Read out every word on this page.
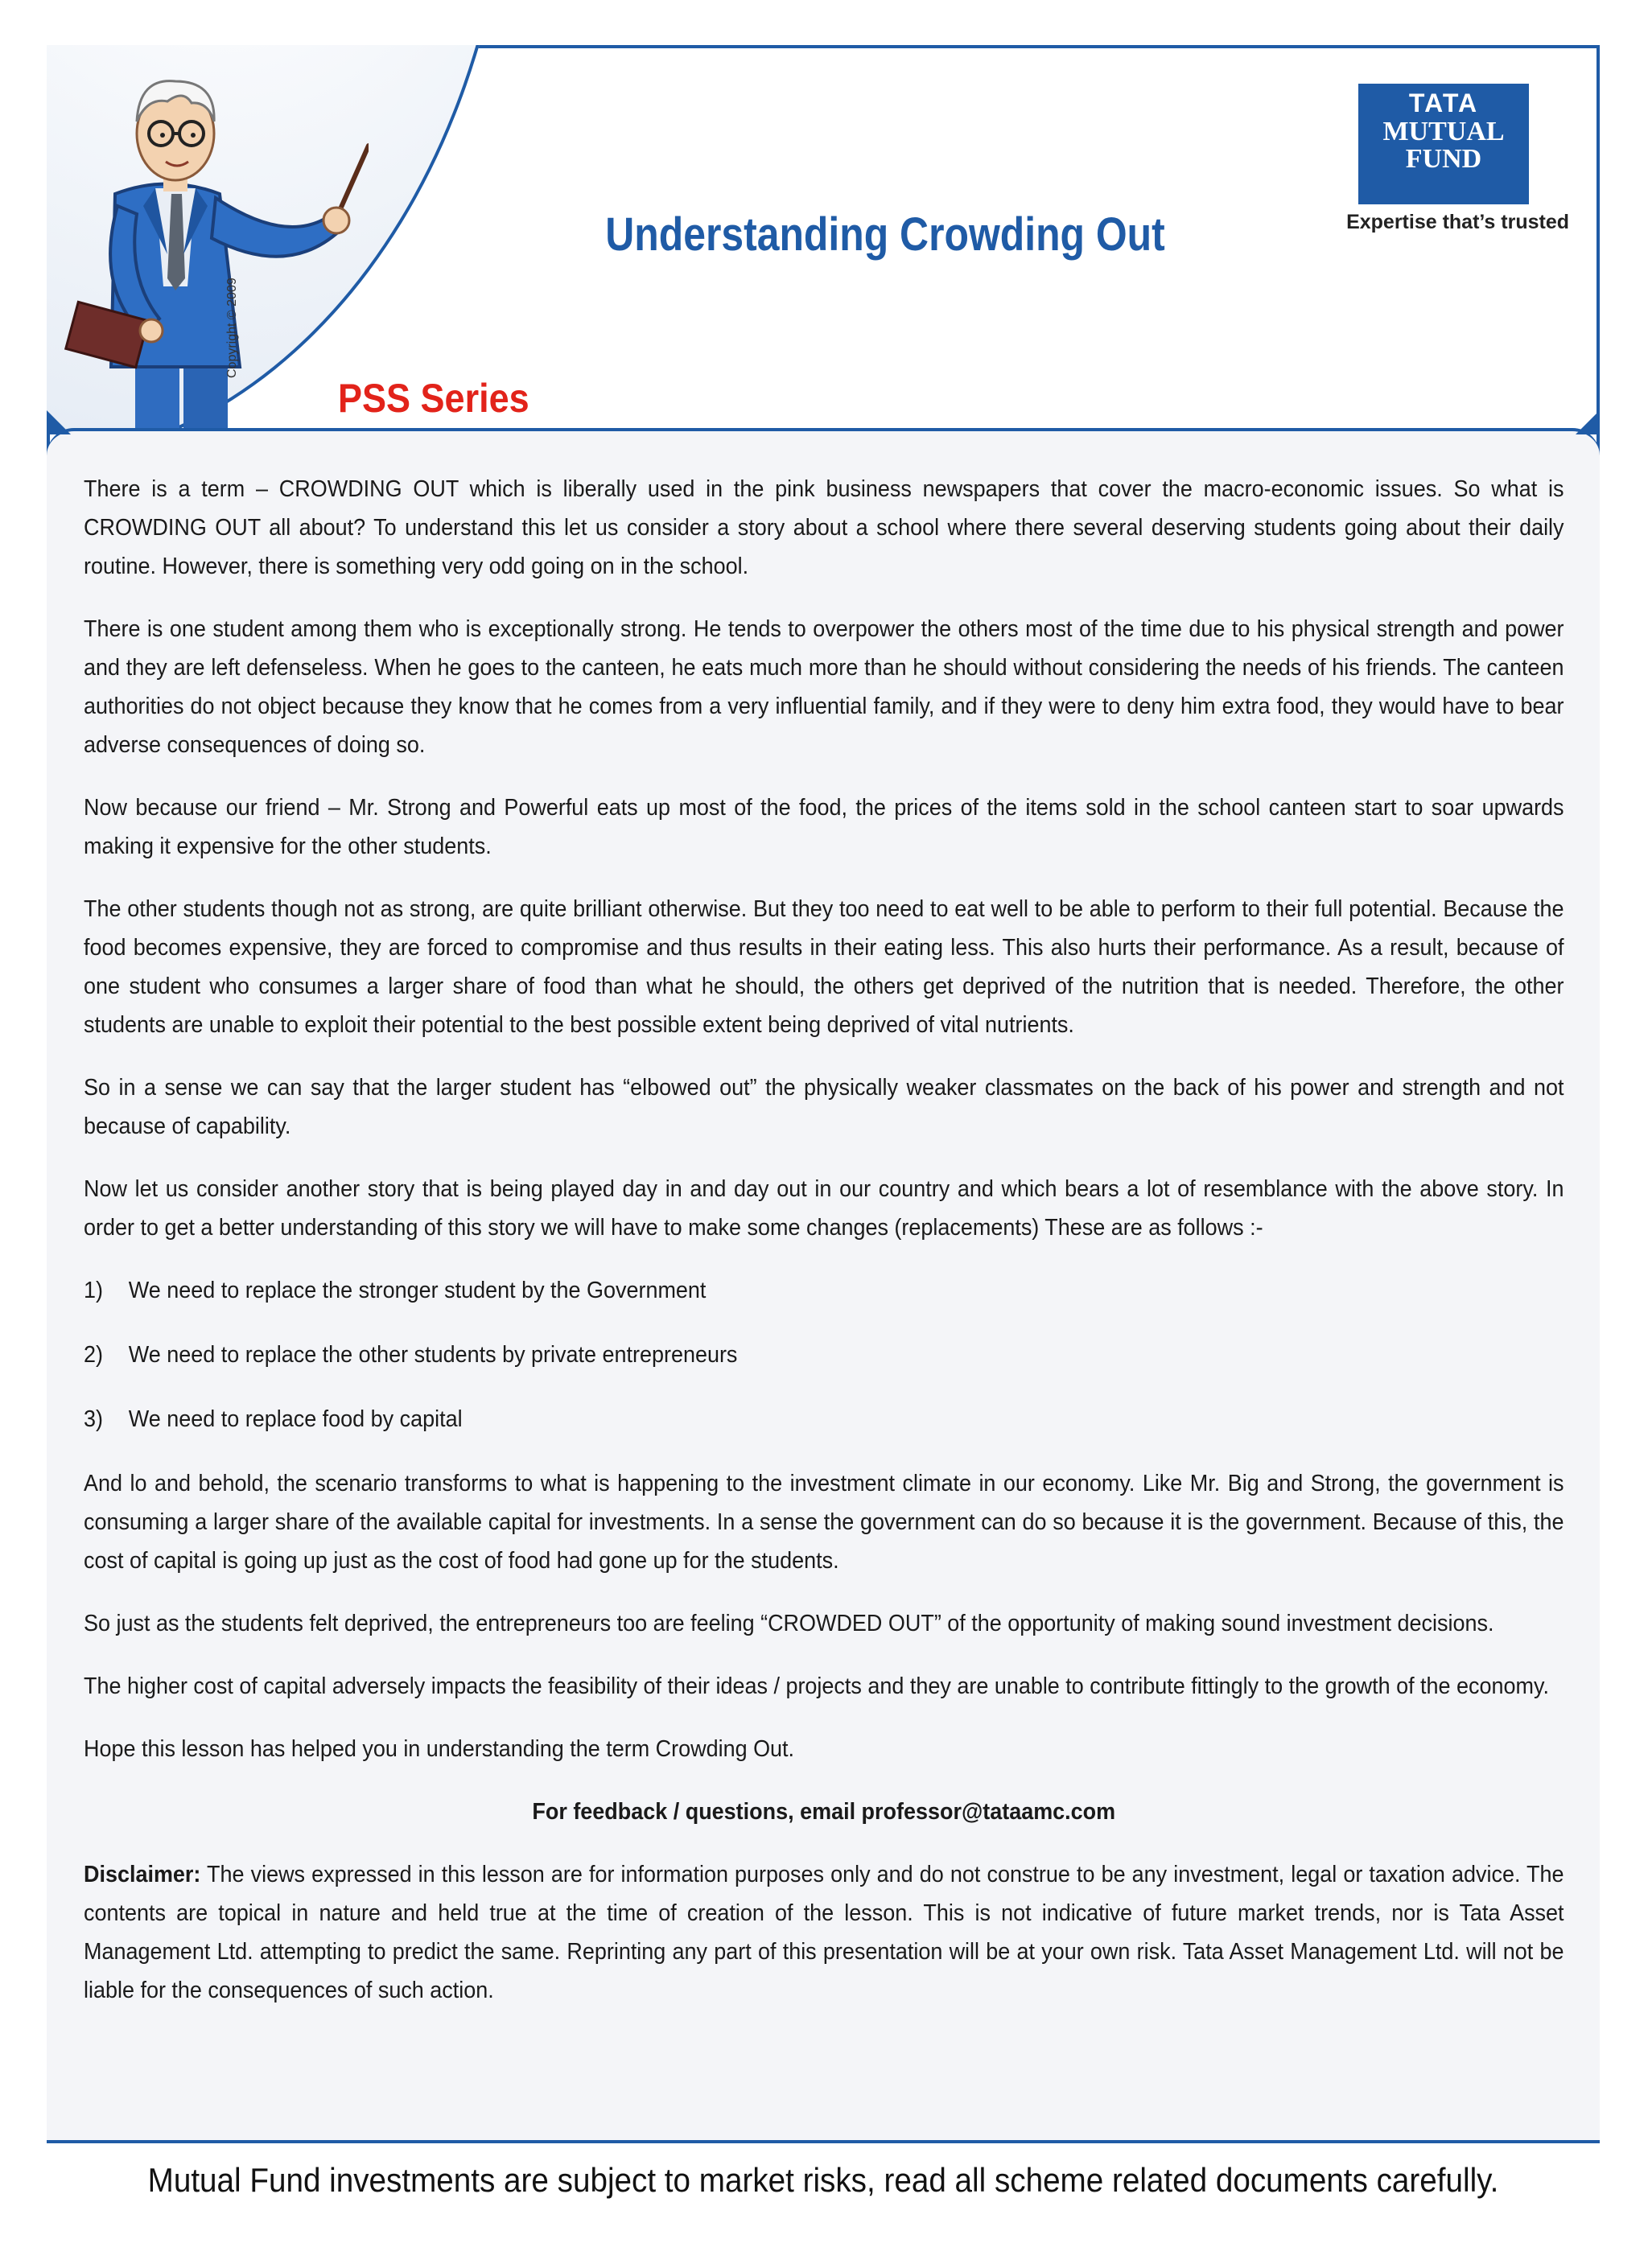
Copyright © 2009
Understanding Crowding Out
PSS Series
TATA
MUTUAL
FUND
Expertise that’s trusted

There is a term – CROWDING OUT which is liberally used in the pink business newspapers that cover the macro-economic issues. So what is CROWDING OUT all about? To understand this let us consider a story about a school where there several deserving students going about their daily routine. However, there is something very odd going on in the school.

There is one student among them who is exceptionally strong. He tends to overpower the others most of the time due to his physical strength and power and they are left defenseless. When he goes to the canteen, he eats much more than he should without considering the needs of his friends. The canteen authorities do not object because they know that he comes from a very influential family, and if they were to deny him extra food, they would have to bear adverse consequences of doing so.

Now because our friend – Mr. Strong and Powerful eats up most of the food, the prices of the items sold in the school canteen start to soar upwards making it expensive for the other students.

The other students though not as strong, are quite brilliant otherwise. But they too need to eat well to be able to perform to their full potential. Because the food becomes expensive, they are forced to compromise and thus results in their eating less. This also hurts their performance. As a result, because of one student who consumes a larger share of food than what he should, the others get deprived of the nutrition that is needed. Therefore, the other students are unable to exploit their potential to the best possible extent being deprived of vital nutrients.

So in a sense we can say that the larger student has “elbowed out” the physically weaker classmates on the back of his power and strength and not because of capability.

Now let us consider another story that is being played day in and day out in our country and which bears a lot of resemblance with the above story. In order to get a better understanding of this story we will have to make some changes (replacements) These are as follows :-

1)	We need to replace the stronger student by the Government
2)	We need to replace the other students by private entrepreneurs
3)	We need to replace food by capital

And lo and behold, the scenario transforms to what is happening to the investment climate in our economy. Like Mr. Big and Strong, the government is consuming a larger share of the available capital for investments. In a sense the government can do so because it is the government. Because of this, the cost of capital is going up just as the cost of food had gone up for the students.

So just as the students felt deprived, the entrepreneurs too are feeling “CROWDED OUT” of the opportunity of making sound investment decisions.

The higher cost of capital adversely impacts the feasibility of their ideas / projects and they are unable to contribute fittingly to the growth of the economy.

Hope this lesson has helped you in understanding the term Crowding Out.

For feedback / questions, email professor@tataamc.com

Disclaimer: The views expressed in this lesson are for information purposes only and do not construe to be any investment, legal or taxation advice. The contents are topical in nature and held true at the time of creation of the lesson. This is not indicative of future market trends, nor is Tata Asset Management Ltd. attempting to predict the same. Reprinting any part of this presentation will be at your own risk. Tata Asset Management Ltd. will not be liable for the consequences of such action.

Mutual Fund investments are subject to market risks, read all scheme related documents carefully.
